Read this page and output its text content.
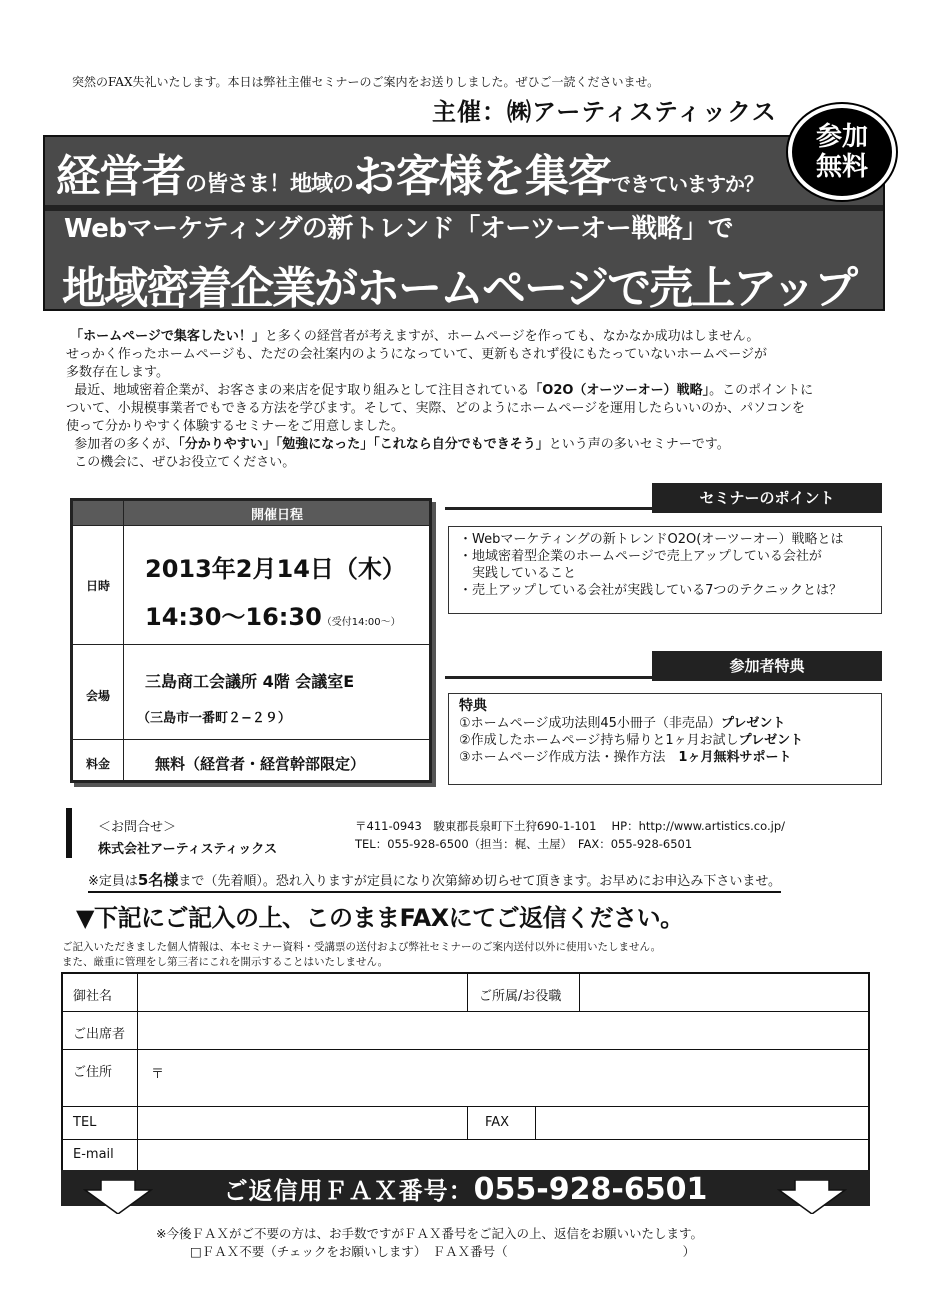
突然のFAX失礼いたします。本日は弊社主催セミナーのご案内をお送りしました。ぜひご一読くださいませ。
主催：㈱アーティスティックス
経営者の皆さま！地域のお客様を集客できていますか？
Webマーケティングの新トレンド「オーツーオー戦略」で
地域密着企業がホームページで売上アップ
参加
無料

「ホームページで集客したい！」と多くの経営者が考えますが、ホームページを作っても、なかなか成功はしません。

せっかく作ったホームページも、ただの会社案内のようになっていて、更新もされず役にもたっていないホームページが

多数存在します。

最近、地域密着企業が、お客さまの来店を促す取り組みとして注目されている「O2O（オーツーオー）戦略」。このポイントに

ついて、小規模事業者でもできる方法を学びます。そして、実際、どのようにホームページを運用したらいいのか、パソコンを

使って分かりやすく体験するセミナーをご用意しました。

参加者の多くが、「分かりやすい」「勉強になった」「これなら自分でもできそう」という声の多いセミナーです。

この機会に、ぜひお役立てください。

開催日程
日時
2013年2月14日（木）
14:30〜16:30（受付14:00〜）
会場
三島商工会議所 4階 会議室E
（三島市一番町２−２９）
料金	無料（経営者・経営幹部限定）
セミナーのポイント

・Webマーケティングの新トレンドO2O(オーツーオー）戦略とは

・地域密着型企業のホームページで売上アップしている会社が

　実践していること

・売上アップしている会社が実践している7つのテクニックとは？

参加者特典

特典

①ホームページ成功法則45小冊子（非売品）プレゼント

②作成したホームページ持ち帰りと1ヶ月お試しプレゼント

③ホームページ作成方法・操作方法　1ヶ月無料サポート

＜お問合せ＞
株式会社アーティスティックス
〒411-0943　駿東郡長泉町下土狩690-1-101　 HP：http://www.artistics.co.jp/
TEL：055-928-6500（担当：梶、土屋）　FAX：055-928-6501
※定員は5名様まで（先着順）。恐れ入りますが定員になり次第締め切らせて頂きます。お早めにお申込み下さいませ。
▼下記にご記入の上、このままFAXにてご返信ください。
ご記入いただきました個人情報は、本セミナー資料・受講票の送付および弊社セミナーのご案内送付以外に使用いたしません。
また、厳重に管理をし第三者にこれを開示することはいたしません。
御社名	ご所属/お役職
ご出席者
ご住所	〒
TEL	FAX
E-mail
ご返信用ＦＡＸ番号：055-928-6501
※今後ＦＡＸがご不要の方は、お手数ですがＦＡＸ番号をご記入の上、返信をお願いいたします。
□ＦＡＸ不要（チェックをお願いします）　ＦＡＸ番号（　　　　　　　　　　　　　　）
